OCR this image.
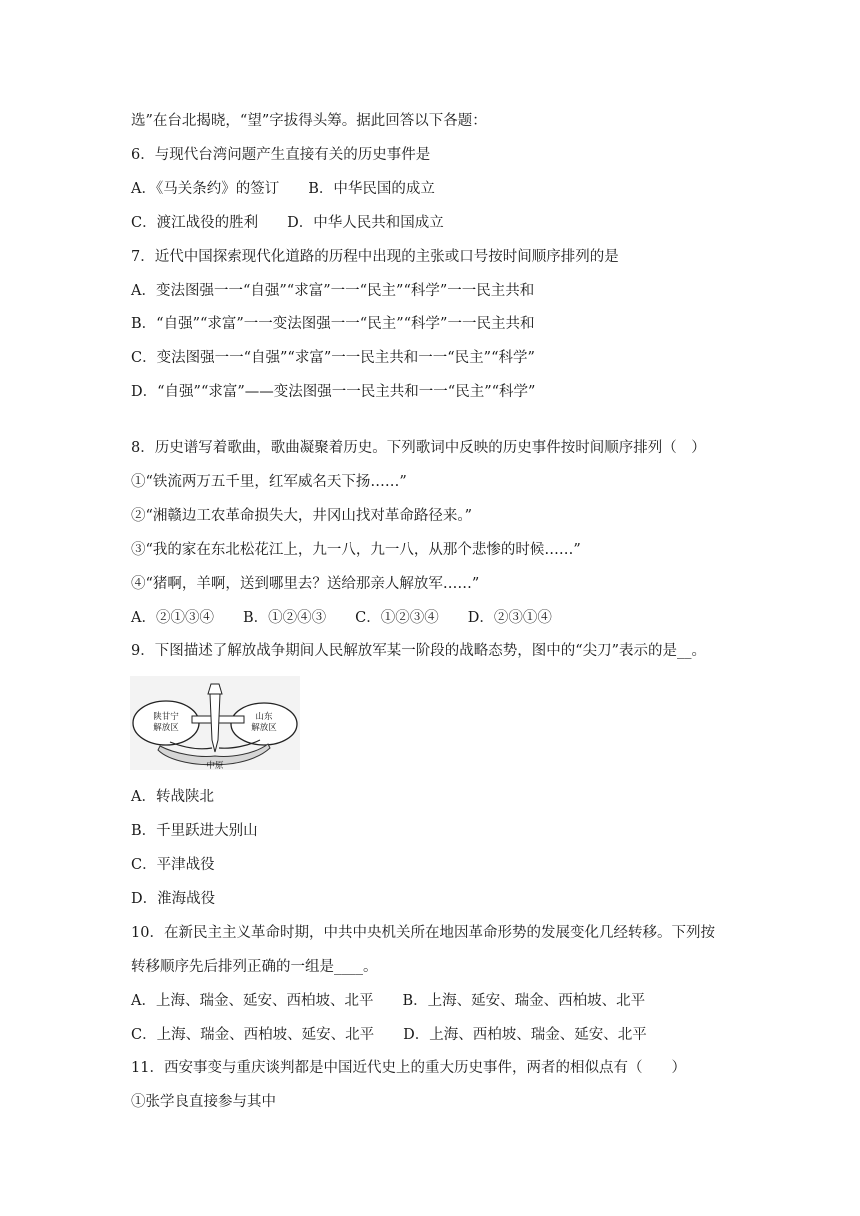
选”在台北揭晓，“望”字拔得头筹。据此回答以下各题：
6．与现代台湾问题产生直接有关的历史事件是
A．《马关条约》的签订　　B．中华民国的成立
C．渡江战役的胜利　　D．中华人民共和国成立
7．近代中国探索现代化道路的历程中出现的主张或口号按时间顺序排列的是
A．变法图强一一“自强”“求富”一一“民主”“科学”一一民主共和
B．“自强”“求富”一一变法图强一一“民主”“科学”一一民主共和
C．变法图强一一“自强”“求富”一一民主共和一一“民主”“科学”
D．“自强”“求富”——变法图强一一民主共和一一“民主”“科学”
8．历史谱写着歌曲，歌曲凝聚着历史。下列歌词中反映的历史事件按时间顺序排列（　）
①“铁流两万五千里，红军威名天下扬……”
②“湘赣边工农革命损失大，井冈山找对革命路径来。”
③“我的家在东北松花江上，九一八，九一八，从那个悲惨的时候……”
④“猪啊，羊啊，送到哪里去？送给那亲人解放军……”
A．②①③④　　B．①②④③　　C．①②③④　　D．②③①④
9．下图描述了解放战争期间人民解放军某一阶段的战略态势，图中的“尖刀”表示的是__。
陕甘宁
解放区
山东
解放区
中原
A．转战陕北
B．千里跃进大别山
C．平津战役
D．淮海战役
10．在新民主主义革命时期，中共中央机关所在地因革命形势的发展变化几经转移。下列按
转移顺序先后排列正确的一组是____。
A．上海、瑞金、延安、西柏坡、北平　　B．上海、延安、瑞金、西柏坡、北平
C．上海、瑞金、西柏坡、延安、北平　　D．上海、西柏坡、瑞金、延安、北平
11．西安事变与重庆谈判都是中国近代史上的重大历史事件，两者的相似点有（　　）
①张学良直接参与其中
